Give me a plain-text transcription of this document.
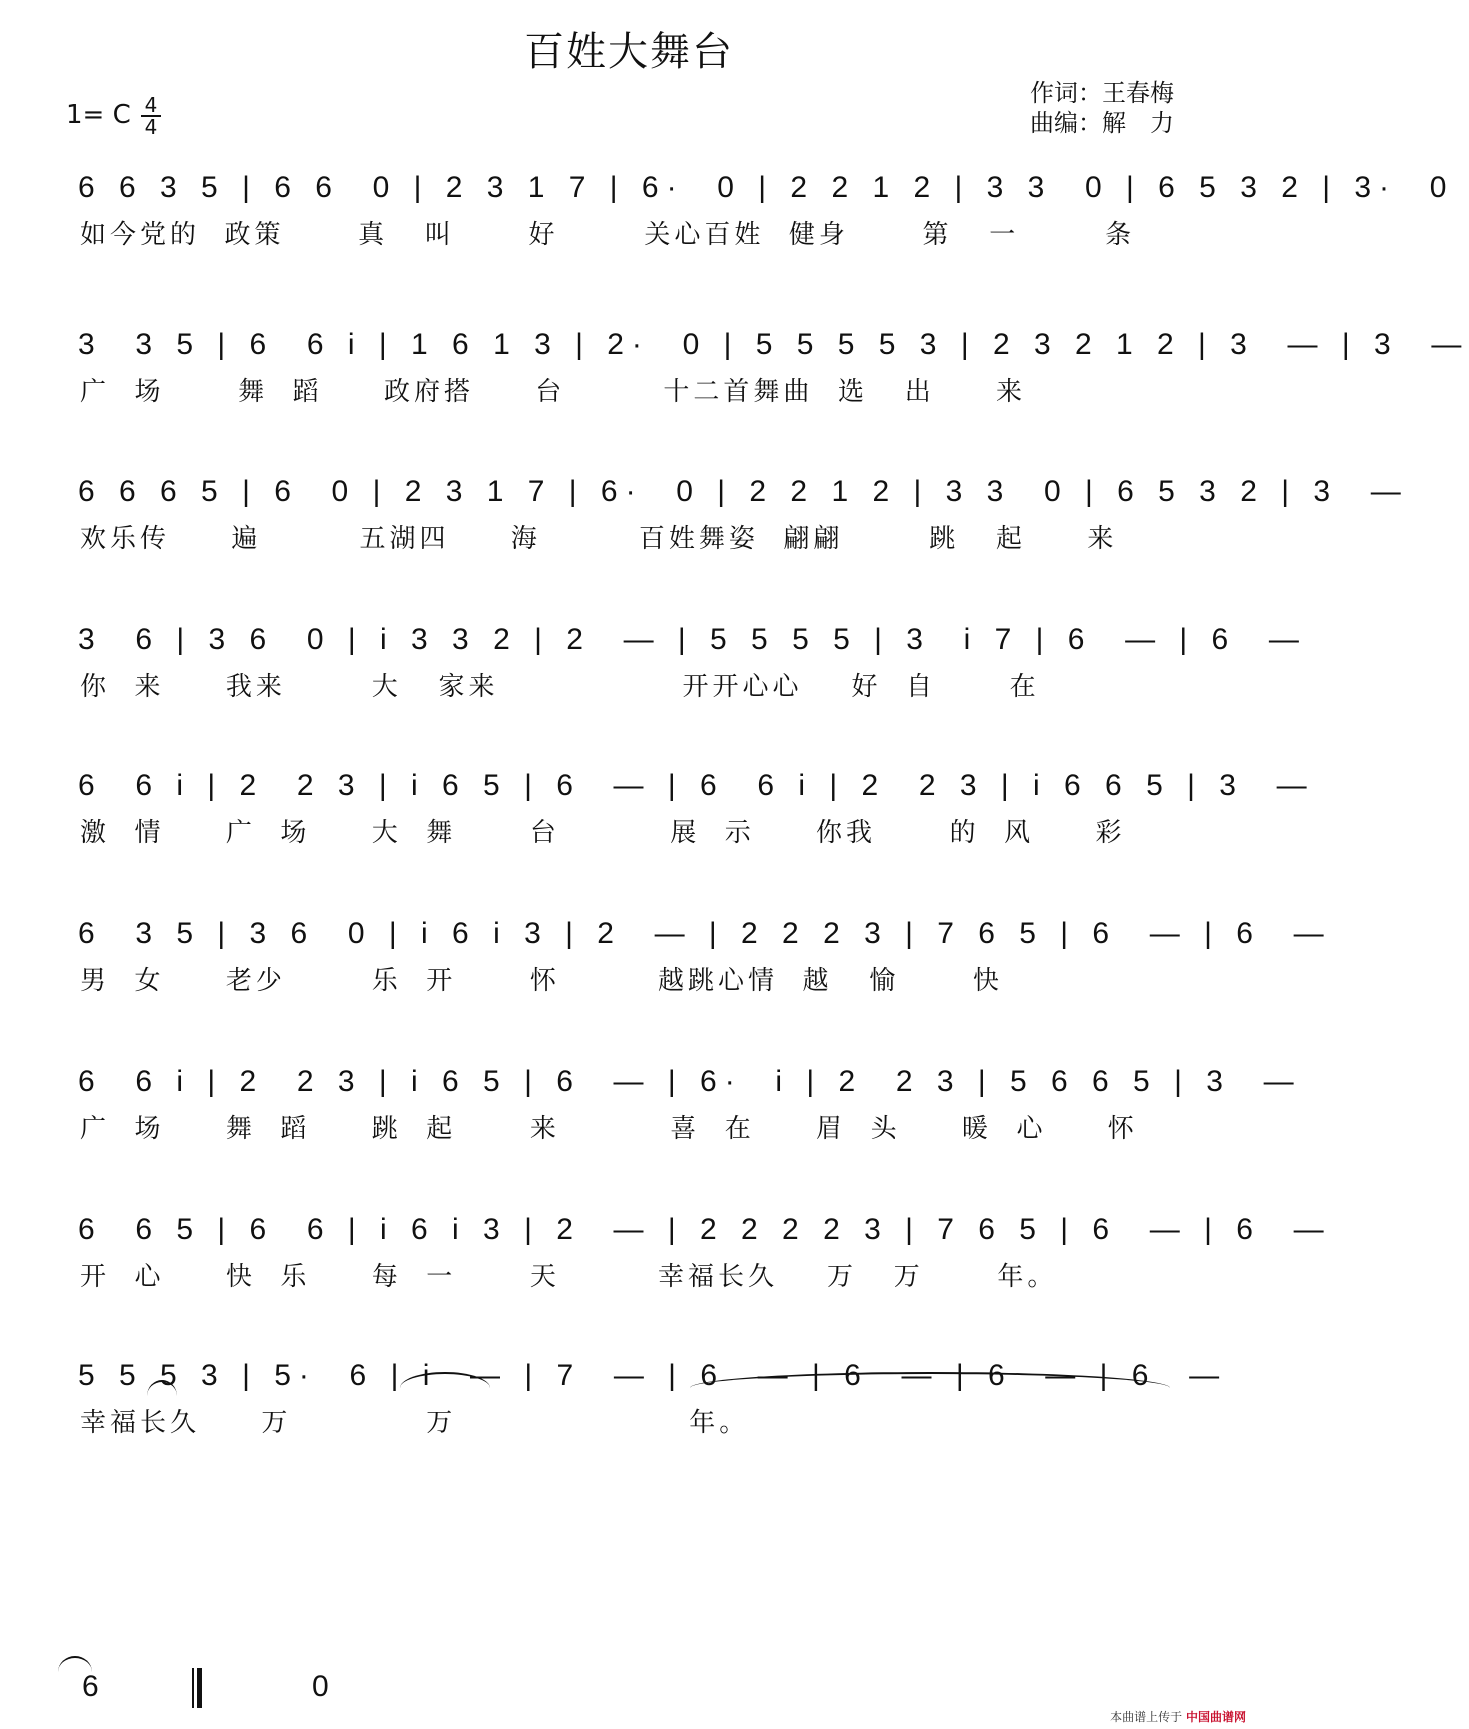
百姓大舞台
作词：王春梅
曲编：解　力
1= C 4
4
6 6 3 5 | 6 6  0 | 2 3 1 7 | 6·  0 | 2 2 1 2 | 3 3  0 | 6 5 3 2 | 3·  0
如今党的  政策      真   叫      好       关心百姓  健身      第   一       条
3  3 5 | 6  6 i | 1 6 1 3 | 2·  0 | 5 5 5 5 3 | 2 3 2 1 2 | 3  — | 3  —
广  场      舞  蹈     政府搭     台        十二首舞曲  选   出     来
6 6 6 5 | 6  0 | 2 3 1 7 | 6·  0 | 2 2 1 2 | 3 3  0 | 6 5 3 2 | 3  —
欢乐传     遍        五湖四     海        百姓舞姿  翩翩       跳   起     来
3  6 | 3 6  0 | i 3 3 2 | 2  — | 5 5 5 5 | 3  i 7 | 6  — | 6  —
你  来     我来       大   家来               开开心心    好  自      在
6  6 i | 2  2 3 | i 6 5 | 6  — | 6  6 i | 2  2 3 | i 6 6 5 | 3  —
激  情     广  场     大  舞      台         展  示     你我      的  风     彩
6  3 5 | 3 6  0 | i 6 i 3 | 2  — | 2 2 2 3 | 7 6 5 | 6  — | 6  —
男  女     老少       乐  开      怀        越跳心情  越   愉      快
6  6 i | 2  2 3 | i 6 5 | 6  — | 6·  i | 2  2 3 | 5 6 6 5 | 3  —
广  场     舞  蹈     跳  起      来         喜  在     眉  头     暖  心     怀
6  6 5 | 6  6 | i 6 i 3 | 2  — | 2 2 2 2 3 | 7 6 5 | 6  — | 6  —
开  心     快  乐     每  一      天        幸福长久    万   万      年。
5 5 5 3 | 5·  6 | i  — | 7  — | 6  — | 6  — | 6  — | 6  —
幸福长久     万           万                   年。
6    0
本曲谱上传于 中国曲谱网
